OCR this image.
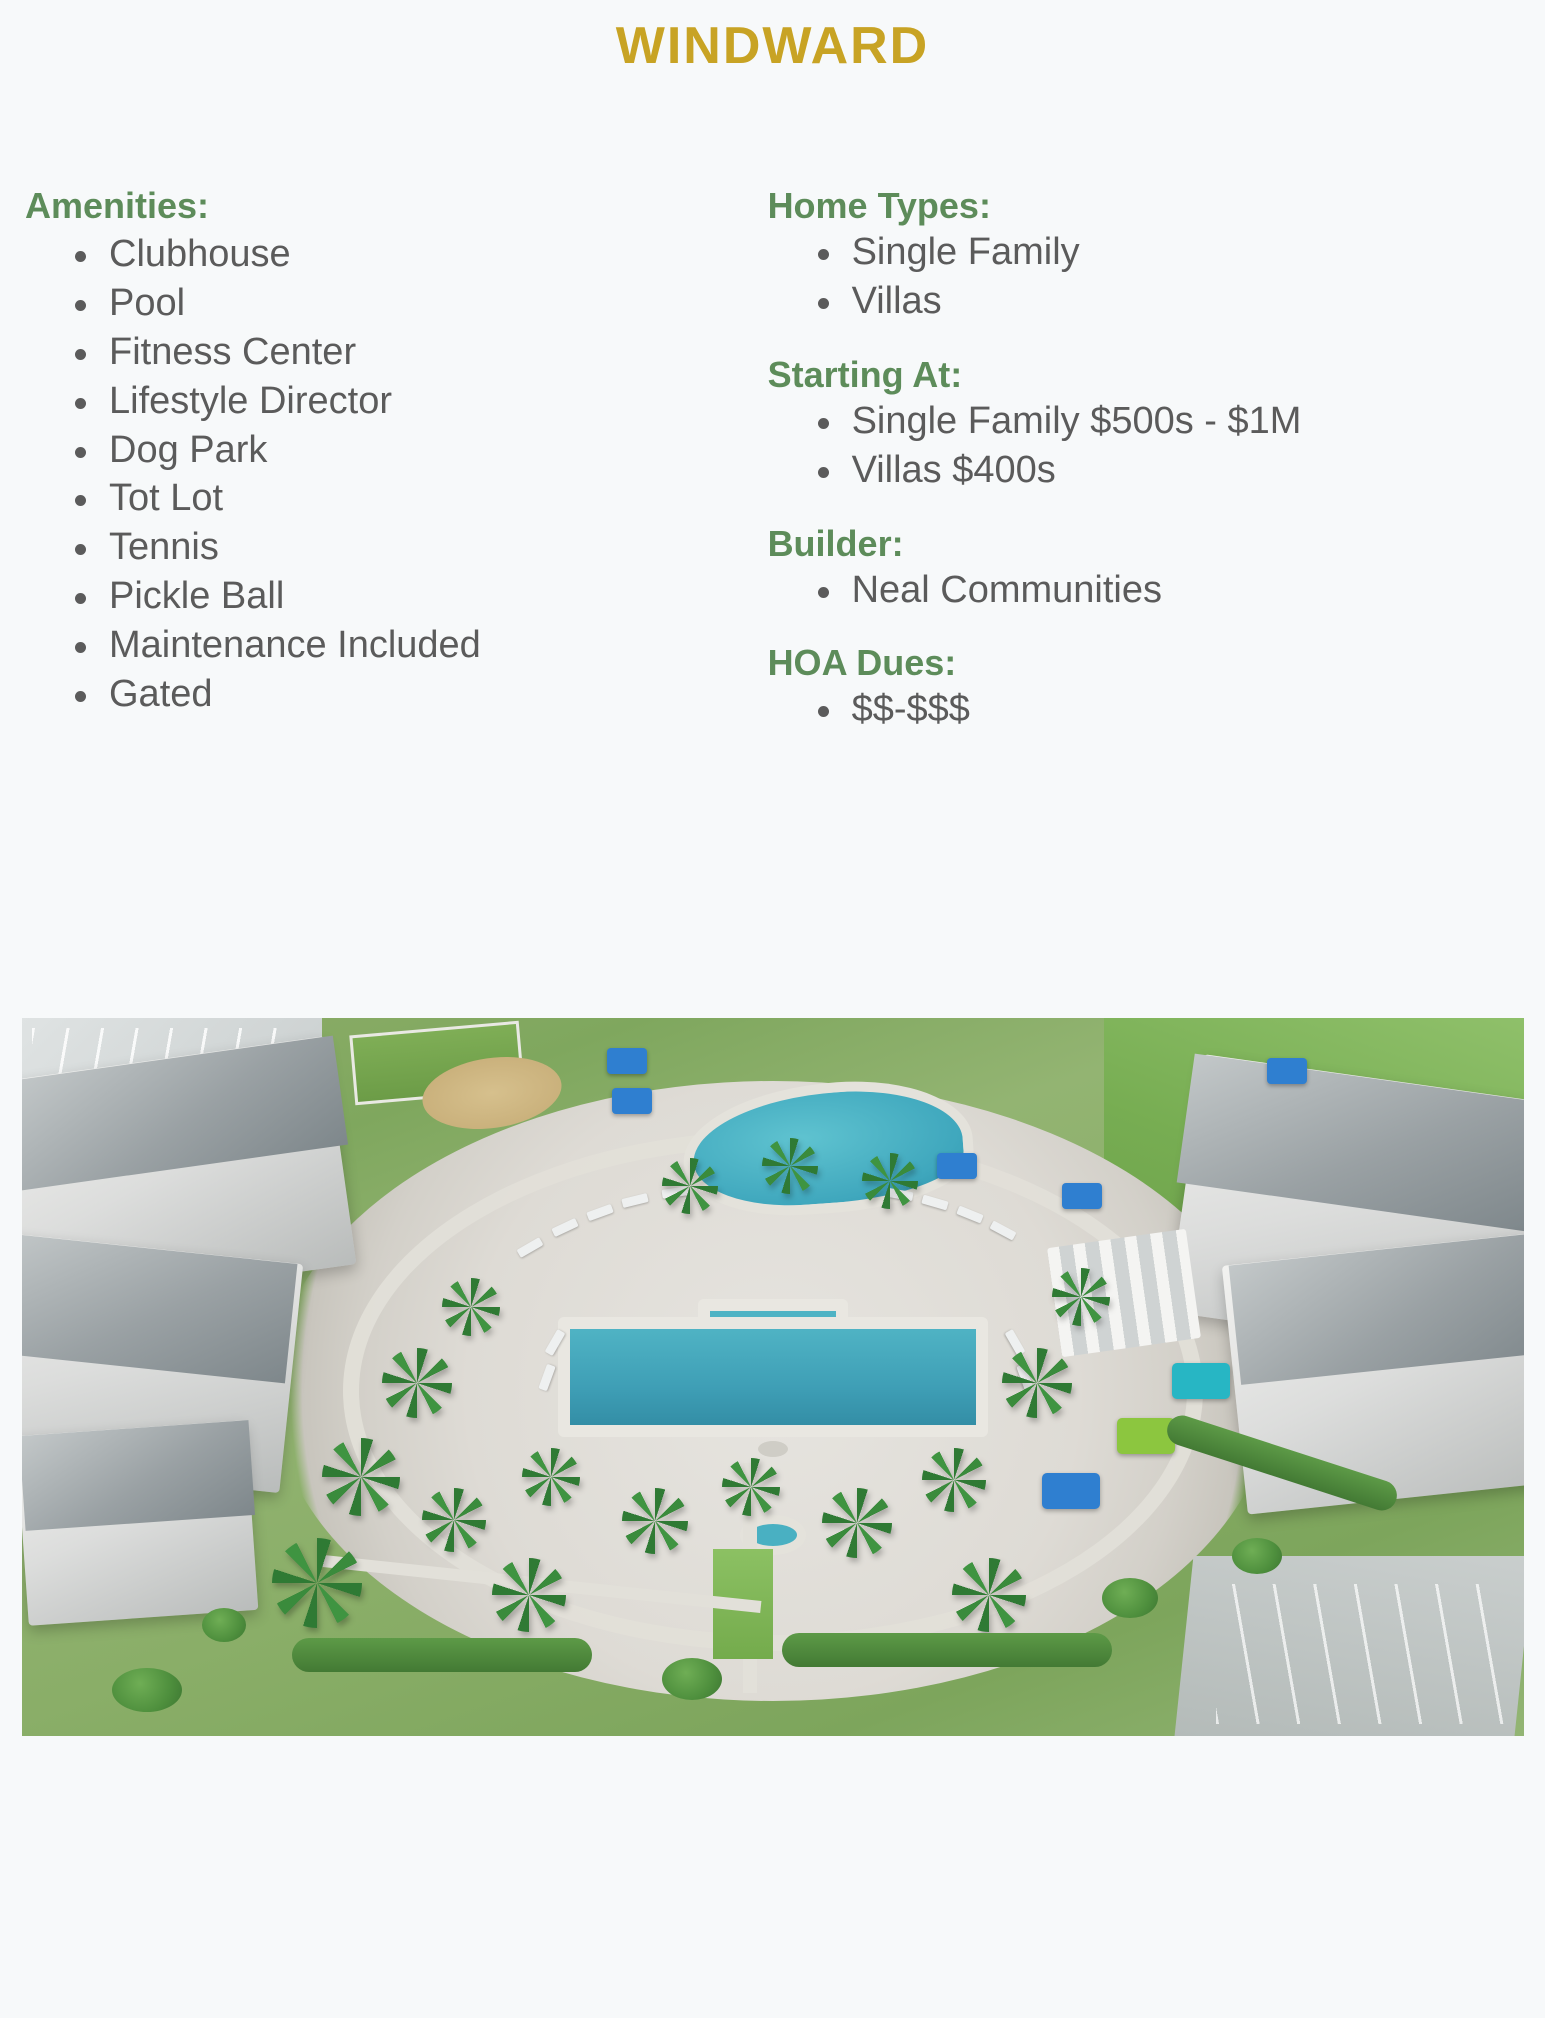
WINDWARD
Amenities:
Clubhouse
Pool
Fitness Center
Lifestyle Director
Dog Park
Tot Lot
Tennis
Pickle Ball
Maintenance Included
Gated
Home Types:
Single Family
Villas
Starting At:
Single Family $500s - $1M
Villas $400s
Builder:
Neal Communities
HOA Dues:
$$-$$$
